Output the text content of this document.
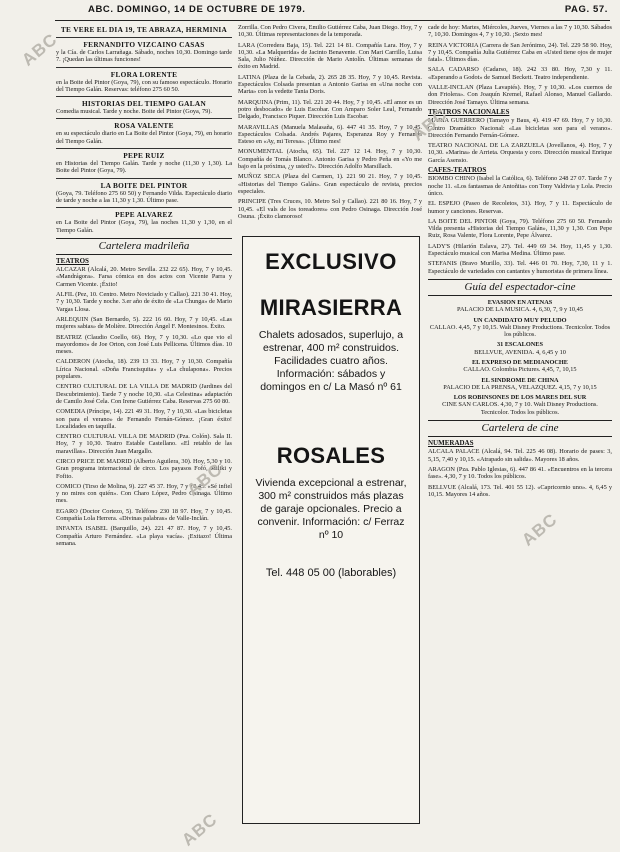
ABC. DOMINGO, 14 DE OCTUBRE DE 1979.	PAG. 57.
TE VERE EL DIA 19, TE ABRAZA, HERMINIA
FERNANDITO VIZCAINO CASAS
y la Cía. de Carlos Larrañaga. Sábado, noches 10,30. Domingo tarde 7. ¡Quedan las últimas funciones!
FLORA LORENTE
en la Boite del Pintor (Goya, 79), con su famoso espectáculo. Horario del Tiempo Galán. Reservas: teléfono 275 60 50.
HISTORIAS DEL TIEMPO GALAN
Comedia musical. Tarde y noche. Boite del Pintor (Goya, 79).
ROSA VALENTE
en su espectáculo diario en La Boite del Pintor (Goya, 79), en horario del Tiempo Galán.
PEPE RUIZ
en Historias del Tiempo Galán. Tarde y noche (11,30 y 1,30). La Boite del Pintor (Goya, 79).
LA BOITE DEL PINTOR
(Goya, 79. Teléfono 275 60 50) y Fernando Vilda. Espectáculo diario de tarde y noche a las 11,30 y 1,30. Último pase.
PEPE ALVAREZ
en La Boite del Pintor (Goya, 79), las noches 11,30 y 1,30, en el Tiempo Galán.
Cartelera madrileña
TEATROS
ALCAZAR (Alcalá, 20. Metro Sevilla. 232 22 65). Hoy, 7 y 10,45. «Mandrágora». Farsa cómica en dos actos con Vicente Parra y Carmen Vicente. ¡Éxito!
ALFIL (Pez, 10. Centro. Metro Noviciado y Callao). 221 30 41. Hoy, 7 y 10,30. Tarde y noche. 3.er año de éxito de «La Chunga» de Mario Vargas Llosa.
ARLEQUIN (San Bernardo, 5). 222 16 60. Hoy, 7 y 10,45. «Las mujeres sabias» de Molière. Dirección Ángel F. Montesinos. Éxito.
BEATRIZ (Claudio Coello, 66). Hoy, 7 y 10,30. «Lo que vio el mayordomo» de Joe Orton, con José Luis Pellicena. Últimos días. 10 meses.
CALDERON (Atocha, 18). 239 13 33. Hoy, 7 y 10,30. Compañía Lírica Nacional. «Doña Francisquita» y «La chulapona». Precios populares.
CENTRO CULTURAL DE LA VILLA DE MADRID (Jardines del Descubrimiento). Tarde 7 y noche 10,30. «La Celestina» adaptación de Camilo José Cela. Con Irene Gutiérrez Caba. Reservas 275 60 80.
COMEDIA (Príncipe, 14). 221 49 31. Hoy, 7 y 10,30. «Las bicicletas son para el verano» de Fernando Fernán-Gómez. ¡Gran éxito! Localidades en taquilla.
CENTRO CULTURAL VILLA DE MADRID (Pza. Colón). Sala II. Hoy, 7 y 10,30. Teatro Estable Castellano. «El retablo de las maravillas». Dirección Juan Margallo.
CIRCO PRICE DE MADRID (Alberto Aguilera, 30). Hoy, 5,30 y 10. Gran programa internacional de circo. Los payasos Fofó, Miliki y Fofito.
COMICO (Tirso de Molina, 9). 227 45 37. Hoy, 7 y 10,45. «Sé infiel y no mires con quién». Con Charo López, Pedro Osinaga. Último mes.
EGARO (Doctor Cortezo, 5). Teléfono 230 18 97. Hoy, 7 y 10,45. Compañía Lola Herrera. «Divinas palabras» de Valle-Inclán.
INFANTA ISABEL (Barquillo, 24). 221 47 87. Hoy, 7 y 10,45. Compañía Arturo Fernández. «La playa vacía». ¡Exitazo! Última semana.
Zorrilla. Con Pedro Civera, Emilio Gutiérrez Caba, Juan Diego. Hoy, 7 y 10,30. Últimas representaciones de la temporada.
LARA (Corredera Baja, 15). Tel. 221 14 81. Compañía Lara. Hoy, 7 y 10,30. «La Malquerida» de Jacinto Benavente. Con Mari Carrillo, Luisa Sala, Julio Núñez. Dirección de Mario Antolín. Últimas semanas de éxito en Madrid.
LATINA (Plaza de la Cebada, 2). 265 28 35. Hoy, 7 y 10,45. Revista. Espectáculos Colsada presentan a Antonio Garisa en «Una noche con Marta» con la vedette Tania Doris.
MARQUINA (Prim, 11). Tel. 221 20 44. Hoy, 7 y 10,45. «El amor es un potro desbocado» de Luis Escobar. Con Amparo Soler Leal, Fernando Delgado, Francisco Piquer. Dirección Luis Escobar.
MARAVILLAS (Manuela Malasaña, 6). 447 41 35. Hoy, 7 y 10,45. Espectáculos Colsada. Andrés Pajares, Esperanza Roy y Fernando Esteso en «Ay, mi Teresa». ¡Último mes!
MONUMENTAL (Atocha, 65). Tel. 227 12 14. Hoy, 7 y 10,30. Compañía de Tomás Blanco. Antonio Garisa y Pedro Peña en «Yo me bajo en la próxima, ¿y usted?». Dirección Adolfo Marsillach.
MUÑOZ SECA (Plaza del Carmen, 1). 221 90 21. Hoy, 7 y 10,45. «Historias del Tiempo Galán». Gran espectáculo de revista, precios especiales.
PRINCIPE (Tres Cruces, 10. Metro Sol y Callao). 221 80 16. Hoy, 7 y 10,45. «El vals de los toreadores» con Pedro Osinaga. Dirección José Osuna. ¡Éxito clamoroso!
EXCLUSIVO
MIRASIERRA
Chalets adosados, superlujo, a estrenar, 400 m² construidos. Facilidades cuatro años. Información: sábados y domingos en c/ La Masó nº 61
ROSALES
Vivienda excepcional a estrenar, 300 m² construidos más plazas de garaje opcionales. Precio a convenir. Información: c/ Ferraz nº 10
Tel. 448 05 00 (laborables)
cade de hoy: Martes, Miércoles, Jueves, Viernes a las 7 y 10,30. Sábados 7, 10,30. Domingos 4, 7 y 10,30. ¡Sexto mes!
REINA VICTORIA (Carrera de San Jerónimo, 24). Tel. 229 58 90. Hoy, 7 y 10,45. Compañía Julia Gutiérrez Caba en «Usted tiene ojos de mujer fatal». Últimos días.
SALA CADARSO (Cadarso, 18). 242 33 80. Hoy, 7,30 y 11. «Esperando a Godot» de Samuel Beckett. Teatro independiente.
VALLE-INCLAN (Plaza Lavapiés). Hoy, 7 y 10,30. «Los cuernos de don Friolera». Con Joaquín Kremel, Rafael Alonso, Manuel Gallardo. Dirección José Tamayo. Última semana.
TEATROS NACIONALES
MARIA GUERRERO (Tamayo y Baus, 4). 419 47 69. Hoy, 7 y 10,30. Centro Dramático Nacional: «Las bicicletas son para el verano». Dirección Fernando Fernán-Gómez.
TEATRO NACIONAL DE LA ZARZUELA (Jovellanos, 4). Hoy, 7 y 10,30. «Marina» de Arrieta. Orquesta y coro. Dirección musical Enrique García Asensio.
CAFES-TEATROS
BIOMBO CHINO (Isabel la Católica, 6). Teléfono 248 27 07. Tarde 7 y noche 11. «Los fantasmas de Antoñita» con Tony Valdivia y Lola. Precio único.
EL ESPEJO (Paseo de Recoletos, 31). Hoy, 7 y 11. Espectáculo de humor y canciones. Reservas.
LA BOITE DEL PINTOR (Goya, 79). Teléfono 275 60 50. Fernando Vilda presenta «Historias del Tiempo Galán», 11,30 y 1,30. Con Pepe Ruiz, Rosa Valente, Flora Lorente, Pepe Álvarez.
LADY'S (Hilarión Eslava, 27). Tel. 449 69 34. Hoy, 11,45 y 1,30. Espectáculo musical con Marisa Medina. Último pase.
STEFANIS (Bravo Murillo, 33). Tel. 446 01 70. Hoy, 7,30, 11 y 1. Espectáculo de variedades con cantantes y humoristas de primera línea.
Guía del espectador-cine
EVASION EN ATENAS
PALACIO DE LA MUSICA. 4, 6,30, 7, 9 y 10,45
UN CANDIDATO MUY PELUDO
CALLAO. 4,45, 7 y 10,15. Walt Disney Productions. Tecnicolor. Todos los públicos.
31 ESCALONES
BELLVUE, AVENIDA. 4, 6,45 y 10
EL EXPRESO DE MEDIANOCHE
CALLAO. Colombia Pictures. 4,45, 7, 10,15
EL SINDROME DE CHINA
PALACIO DE LA PRENSA, VELAZQUEZ. 4,15, 7 y 10,15
LOS ROBINSONES DE LOS MARES DEL SUR
CINE SAN CARLOS. 4,30, 7 y 10. Walt Disney Productions. Tecnicolor. Todos los públicos.
Cartelera de cine
NUMERADAS
ALCALA PALACE (Alcalá, 94. Tel. 225 46 08). Horario de pases: 3, 5,15, 7,40 y 10,15. «Atrapado sin salida». Mayores 18 años.
ARAGON (Pza. Pablo Iglesias, 6). 447 86 41. «Encuentros en la tercera fase». 4,30, 7 y 10. Todos los públicos.
BELLVUE (Alcalá, 173. Tel. 401 55 12). «Capricornio uno». 4, 6,45 y 10,15. Mayores 14 años.
ABC
ABC
ABC
ABC
ABC
